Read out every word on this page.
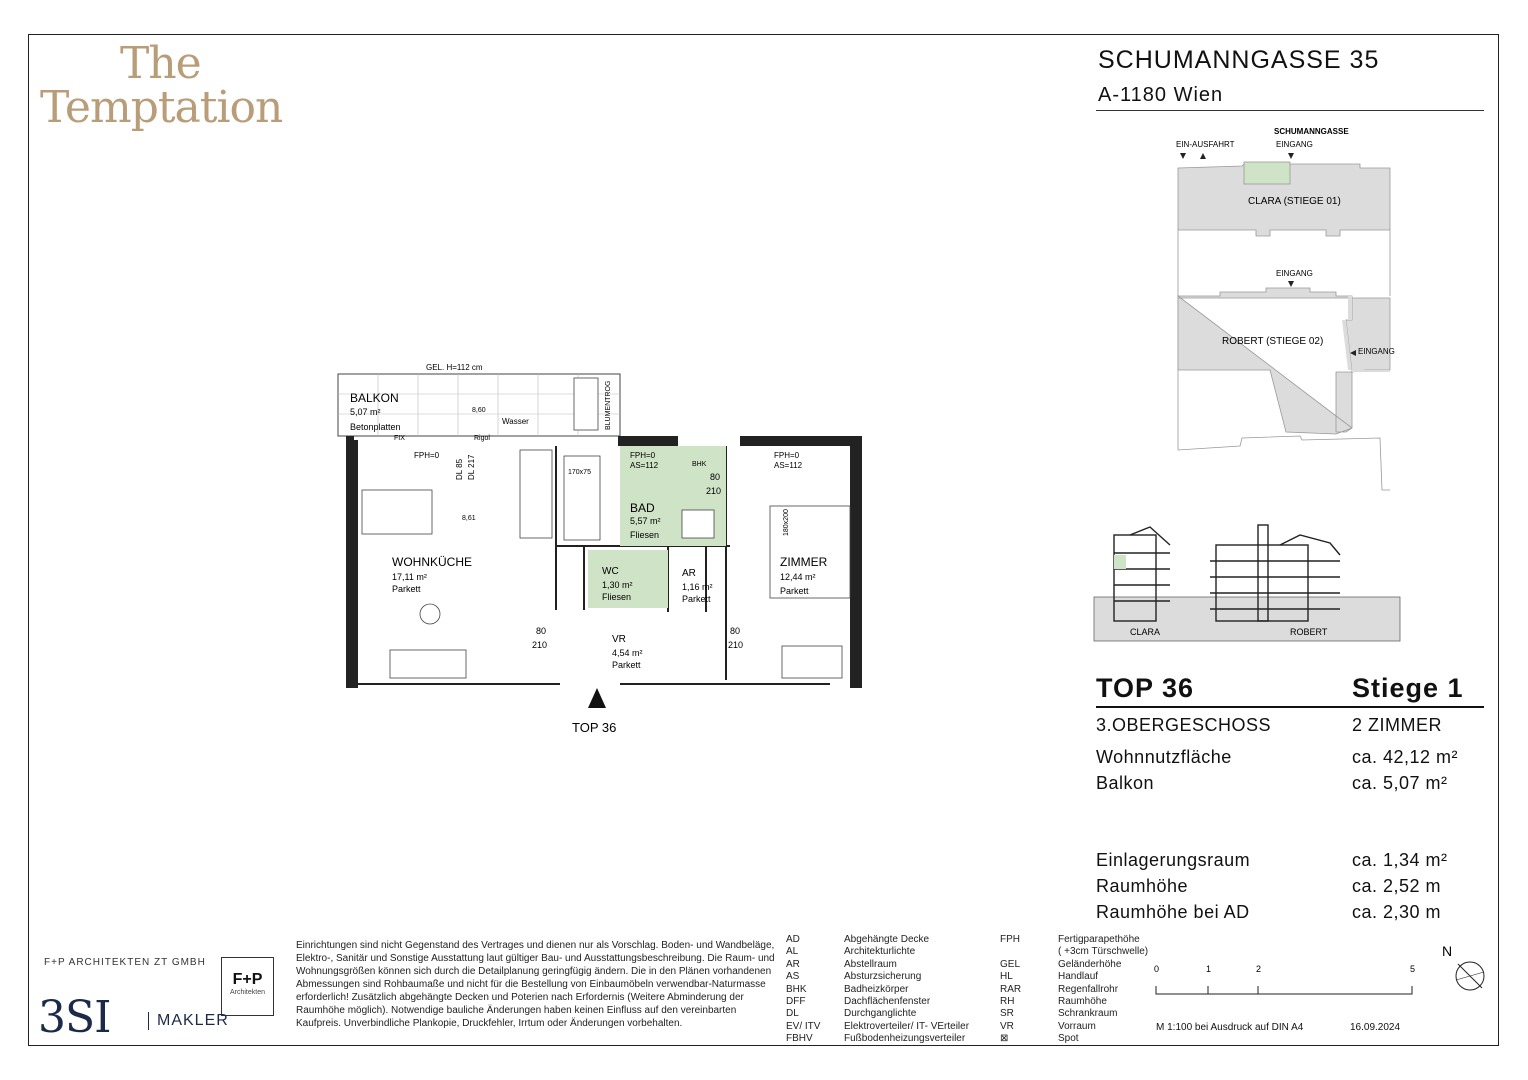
The
Temptation
SCHUMANNGASSE 35
A-1180 Wien
SCHUMANNGASSE
EIN-AUSFAHRT	EINGANG
CLARA (STIEGE 01)
EINGANG
ROBERT (STIEGE 02)
EINGANG
CLARA	ROBERT
TOP 36	Stiege 1
3.OBERGESCHOSS	2 ZIMMER
Wohnnutzfläche	ca. 42,12 m²
Balkon	ca. 5,07 m²
Einlagerungsraum	ca. 1,34 m²
Raumhöhe	ca. 2,52 m
Raumhöhe bei AD	ca. 2,30 m
GEL. H=112 cm
BALKON
5,07 m²
Betonplatten
8,60
Wasser	BLUMENTROG
FIX	Rigol
WOHNKÜCHE
17,11 m²
Parkett
8,61
FPH=0
DL 85 DL 217
BAD
5,57 m²
Fliesen
FPH=0
AS=112	BHK
170x75	80
210
WC
1,30 m²
Fliesen
AR
1,16 m²
Parkett
ZIMMER
12,44 m²
Parkett
FPH=0
AS=112
180x200
VR
4,54 m²
Parkett
80
210
80
210
TOP 36
F+P ARCHITEKTEN ZT GMBH
F+P
Architekten
3SI	MAKLER
Einrichtungen sind nicht Gegenstand des Vertrages und dienen nur als Vorschlag. Boden- und Wandbeläge, Elektro-, Sanitär und Sonstige Ausstattung laut gültiger Bau- und Ausstattungsbeschreibung. Die Raum- und Wohnungsgrößen können sich durch die Detailplanung geringfügig ändern. Die in den Plänen vorhandenen Abmessungen sind Rohbaumaße und nicht für die Bestellung von Einbaumöbeln verwendbar-Naturmasse erforderlich! Zusätzlich abgehängte Decken und Poterien nach Erfordernis (Weitere Abminderung der Raumhöhe möglich). Notwendige bauliche Änderungen haben keinen Einfluss auf den vereinbarten Kaufpreis. Unverbindliche Plankopie, Druckfehler, Irrtum oder Änderungen vorbehalten.
AD	Abgehängte Decke
AL	Architekturlichte
AR	Abstellraum
AS	Absturzsicherung
BHK	Badheizkörper
DFF	Dachflächenfenster
DL	Durchganglichte
EV/ ITV	Elektroverteiler/ IT- VErteiler
FBHV	Fußbodenheizungsverteiler
FPH	Fertigparapethöhe
( +3cm Türschwelle)
GEL	Geländerhöhe
HL	Handlauf
RAR	Regenfallrohr
RH	Raumhöhe
SR	Schrankraum
VR	Vorraum
⊠	Spot
0	1	2	5
M 1:100 bei Ausdruck auf DIN A4	16.09.2024
N
